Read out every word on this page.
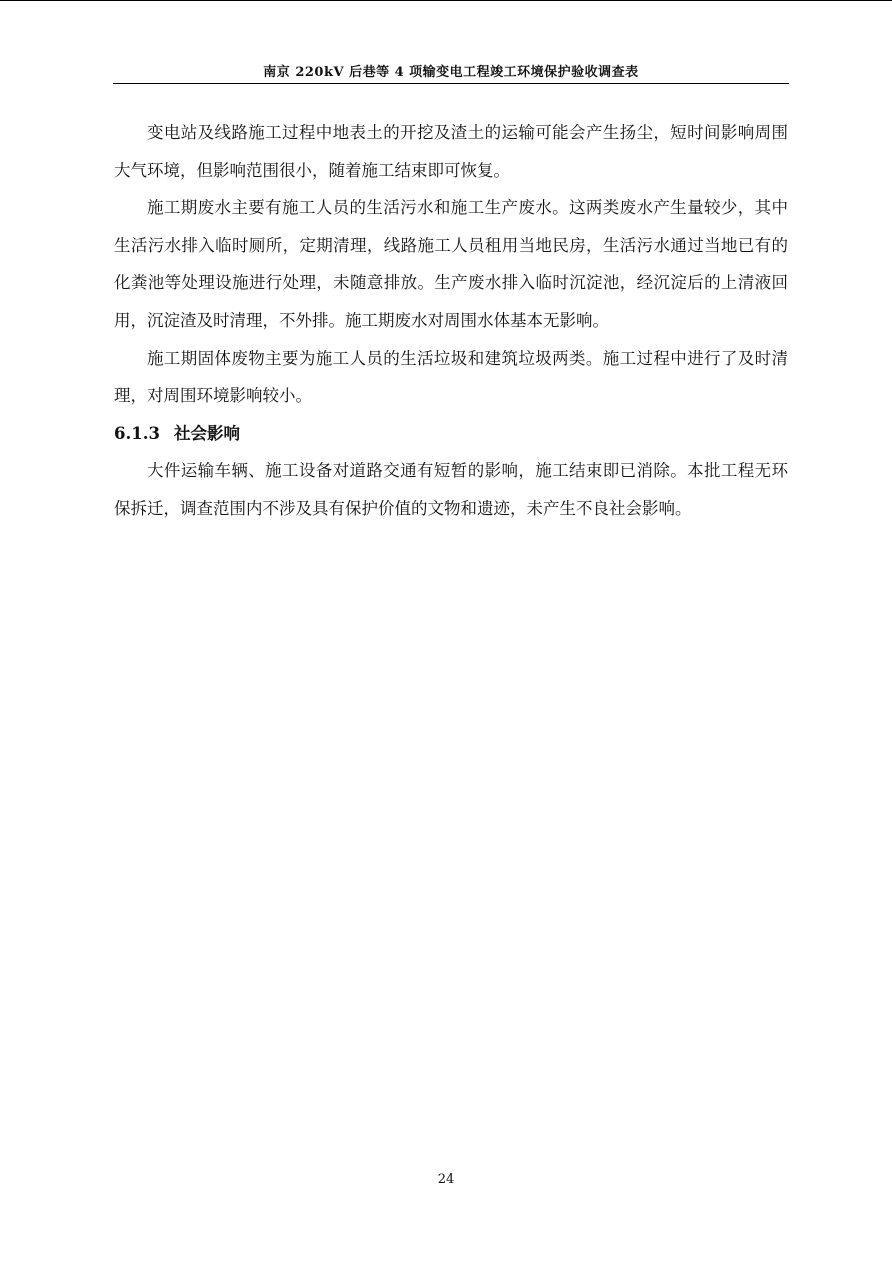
南京 220kV 后巷等 4 项输变电工程竣工环境保护验收调查表

变电站及线路施工过程中地表土的开挖及渣土的运输可能会产生扬尘，短时间影响周围大气环境，但影响范围很小，随着施工结束即可恢复。

施工期废水主要有施工人员的生活污水和施工生产废水。这两类废水产生量较少，其中生活污水排入临时厕所，定期清理，线路施工人员租用当地民房，生活污水通过当地已有的化粪池等处理设施进行处理，未随意排放。生产废水排入临时沉淀池，经沉淀后的上清液回用，沉淀渣及时清理，不外排。施工期废水对周围水体基本无影响。

施工期固体废物主要为施工人员的生活垃圾和建筑垃圾两类。施工过程中进行了及时清理，对周围环境影响较小。

6.1.3 社会影响

大件运输车辆、施工设备对道路交通有短暂的影响，施工结束即已消除。本批工程无环保拆迁，调查范围内不涉及具有保护价值的文物和遗迹，未产生不良社会影响。

24
